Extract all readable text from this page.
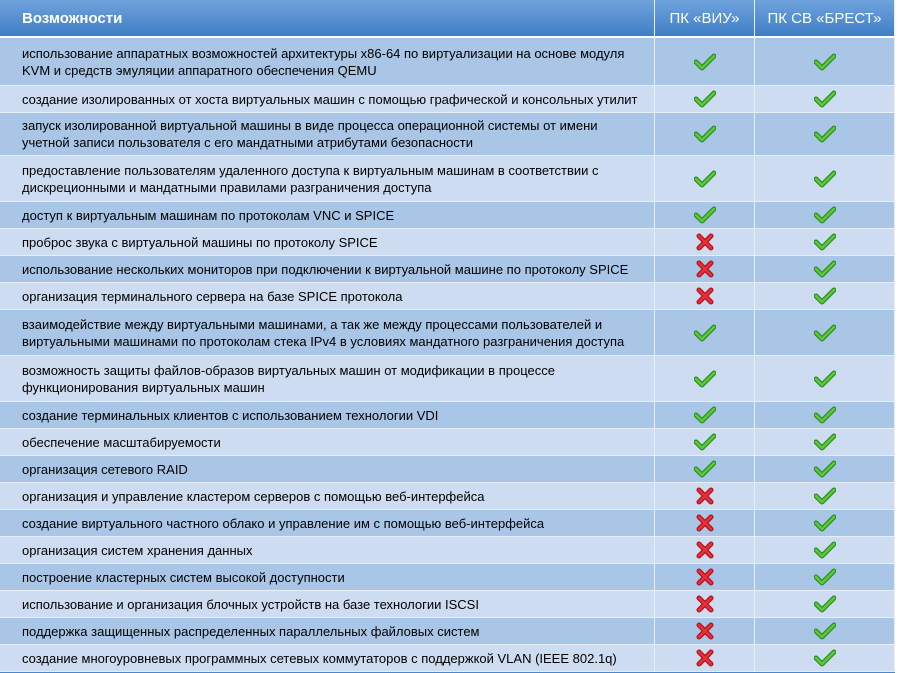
Возможности	ПК «ВИУ»	ПК СВ «БРЕСТ»
использование аппаратных возможностей архитектуры x86-64 по виртуализации на основе модуля KVM и средств эмуляции аппаратного обеспечения QEMU
создание изолированных от хоста виртуальных машин с помощью графической и консольных утилит
запуск изолированной виртуальной машины в виде процесса операционной системы от имени учетной записи пользователя с его мандатными атрибутами безопасности
предоставление пользователям удаленного доступа к виртуальным машинам в соответствии с дискреционными и мандатными правилами разграничения доступа
доступ к виртуальным машинам по протоколам VNC и SPICE
проброс звука с виртуальной машины по протоколу SPICE
использование нескольких мониторов при подключении к виртуальной машине по протоколу SPICE
организация терминального сервера на базе SPICE протокола
взаимодействие между виртуальными машинами, а так же между процессами пользователей и виртуальными машинами по протоколам стека IPv4 в условиях мандатного разграничения доступа
возможность защиты файлов-образов виртуальных машин от модификации в процессе функционирования виртуальных машин
создание терминальных клиентов с использованием технологии VDI
обеспечение масштабируемости
организация сетевого RAID
организация и управление кластером серверов с помощью веб-интерфейса
создание виртуального частного облако и управление им с помощью веб-интерфейса
организация систем хранения данных
построение кластерных систем высокой доступности
использование и организация блочных устройств на базе технологии ISCSI
поддержка защищенных распределенных параллельных файловых систем
создание многоуровневых программных сетевых коммутаторов с поддержкой VLAN (IEEE 802.1q)
